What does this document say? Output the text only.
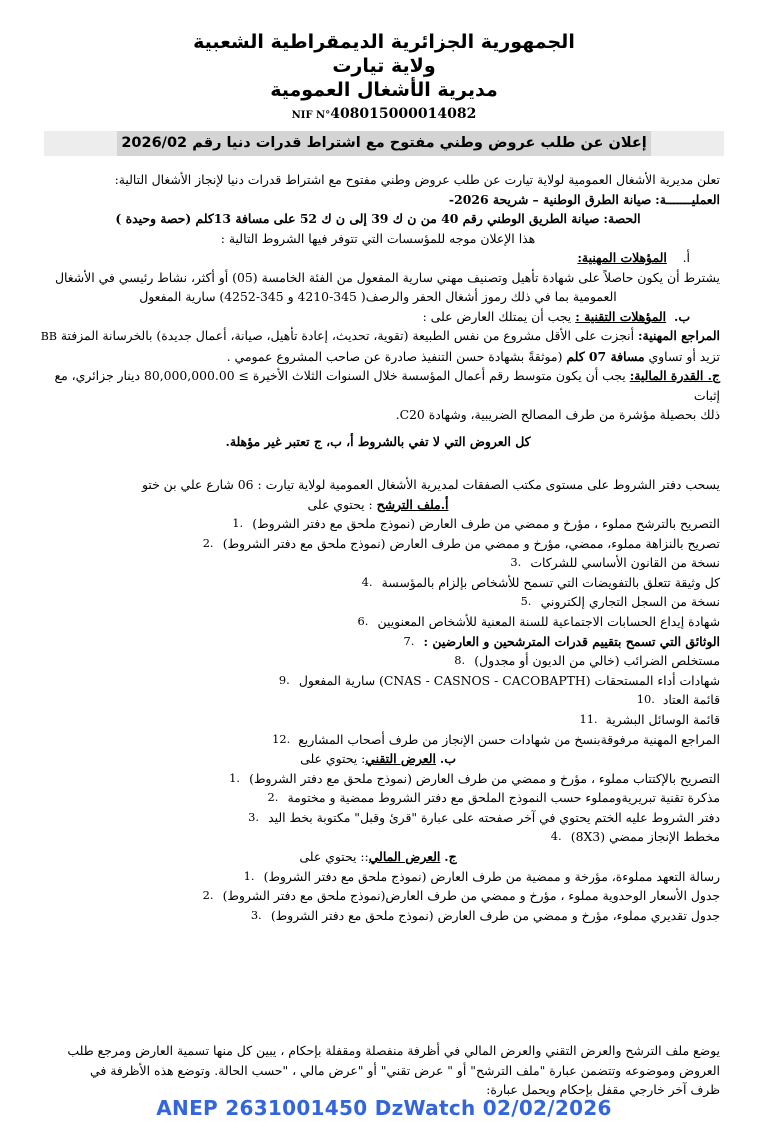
الجمهورية الجزائرية الديمقراطية الشعبية
ولاية تيارت
مديرية الأشغال العمومية
NIF N°408015000014082
إعلان عن طلب عروض وطني مفتوح مع اشتراط قدرات دنيا رقم 2026/02

تعلن مديرية الأشغال العمومية لولاية تيارت عن طلب عروض وطني مفتوح مع اشتراط قدرات دنيا لإنجاز الأشغال التالية:

العمليـــــــة: صيانة الطرق الوطنية – شريحة 2026-

الحصة: صيانة الطريق الوطني رقم 40 من ن ك 39 إلى ن ك 52 على مسافة 13كلم (حصة وحيدة )

هذا الإعلان موجه للمؤسسات التي تتوفر فيها الشروط التالية :

أ.    المؤهلات المهنية:

يشترط أن يكون حاصلاً على شهادة تأهيل وتصنيف مهني سارية المفعول من الفئة الخامسة (05) أو أكثر، نشاط رئيسي في الأشغال

العمومية بما في ذلك رموز أشغال الحفر والرصف( 345-4210 و 345-4252) سارية المفعول

ب.  المؤهلات التقنية : يجب أن يمتلك العارض على :

المراجع المهنية: أنجزت على الأقل مشروع من نفس الطبيعة (تقوية، تحديث، إعادة تأهيل، صيانة، أعمال جديدة) بالخرسانة المزفتة BB

تزيد أو تساوي مسافة 07 كلم (موثقةً بشهادة حسن التنفيذ صادرة عن صاحب المشروع عمومي .

ج. القدرة المالية: يجب أن يكون متوسط رقم أعمال المؤسسة خلال السنوات الثلاث الأخيرة ≥ 80,000,000.00 دينار جزائري، مع إثبات

ذلك بحصيلة مؤشرة من طرف المصالح الضريبية، وشهادة C20.

كل العروض التي لا تفي بالشروط أ، ب، ج تعتبر غير مؤهلة.

يسحب دفتر الشروط على مستوى مكتب الصفقات لمديرية الأشغال العمومية لولاية تيارت : 06 شارع علي بن ختو

أ.ملف الترشح : يحتوي على

التصريح بالترشح مملوء ، مؤرخ و ممضي من طرف العارض (نموذج ملحق مع دفتر الشروط)
1.
تصريح بالنزاهة مملوء، ممضي، مؤرخ و ممضي من طرف العارض (نموذج ملحق مع دفتر الشروط)
2.
نسخة من القانون الأساسي للشركات
3.
كل وثيقة تتعلق بالتفويضات التي تسمح للأشخاص بإلزام بالمؤسسة
4.
نسخة من السجل التجاري إلكتروني
5.
شهادة إيداع الحسابات الاجتماعية للسنة المعنية للأشخاص المعنويين
6.
الوثائق التي تسمح بتقييم قدرات المترشحين و العارضين :
7.
مستخلص الضرائب (خالي من الديون أو مجدول)
8.
شهادات أداء المستحقات (CNAS - CASNOS - CACOBAPTH) سارية المفعول
9.
قائمة العتاد
10.
قائمة الوسائل البشرية
11.
المراجع المهنية مرفوقةبنسخ من شهادات حسن الإنجاز من طرف أصحاب المشاريع
12.

ب. العرض التقني: يحتوي على

التصريح بالإكتتاب مملوء ، مؤرخ و ممضي من طرف العارض (نموذج ملحق مع دفتر الشروط)
1.
مذكرة تقنية تبريريةومملوء حسب النموذج الملحق مع دفتر الشروط ممضية و مختومة
2.
دفتر الشروط عليه الختم يحتوي في آخر صفحته على عبارة "قرئ وقبل" مكتوبة بخط اليد
3.
مخطط الإنجاز ممضي (8X3)
4.

ج. العرض المالي:: يحتوي على

رسالة التعهد مملوءة، مؤرخة و ممضية من طرف العارض (نموذج ملحق مع دفتر الشروط)
1.
جدول الأسعار الوحدوية مملوء ، مؤرخ و ممضي من طرف العارض(نموذج ملحق مع دفتر الشروط)
2.
جدول تقديري مملوء، مؤرخ و ممضي من طرف العارض (نموذج ملحق مع دفتر الشروط)
3.

يوضع ملف الترشح والعرض التقني والعرض المالي في أظرفة منفصلة ومقفلة بإحكام ، يبين كل منها تسمية العارض ومرجع طلب

العروض وموضوعه وتتضمن عبارة "ملف الترشح" أو " عرض تقني" أو "عرض مالي ، "حسب الحالة. وتوضع هذه الأظرفة في

ظرف آخر خارجي مقفل بإحكام ويحمل عبارة:

ANEP 2631001450 DzWatch 02/02/2026
